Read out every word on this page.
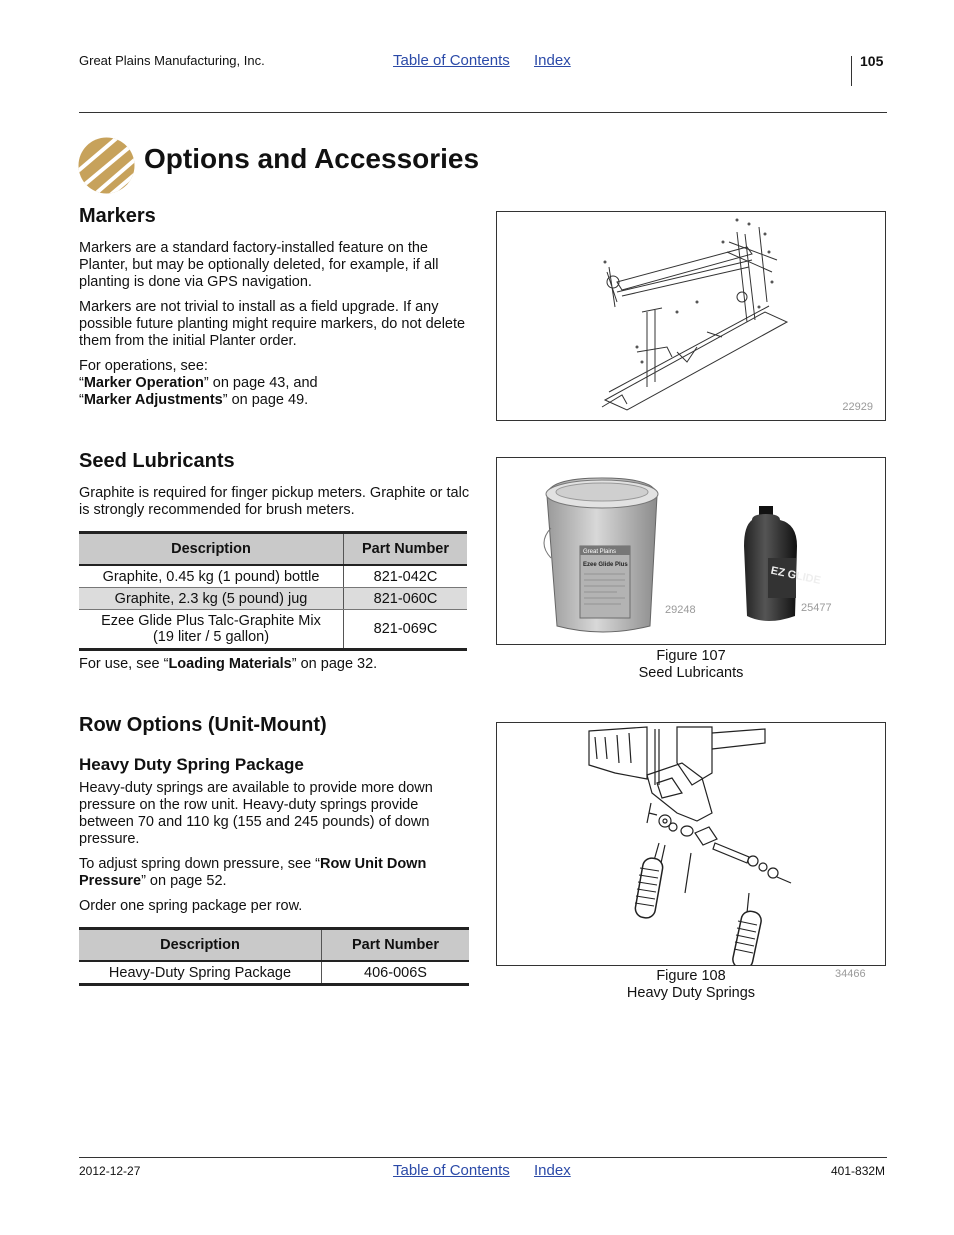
Great Plains Manufacturing, Inc.	Table of Contents Index	105
Options and Accessories
Markers

Markers are a standard factory-installed feature on the Planter, but may be optionally deleted, for example, if all planting is done via GPS navigation.

Markers are not trivial to install as a field upgrade. If any possible future planting might require markers, do not delete them from the initial Planter order.

For operations, see:
“Marker Operation” on page 43, and
“Marker Adjustments” on page 49.	22929
Seed Lubricants

Graphite is required for finger pickup meters. Graphite or talc is strongly recommended for brush meters.

Description	Part Number
Graphite, 0.45 kg (1 pound) bottle	821-042C
Graphite, 2.3 kg (5 pound) jug	821-060C
Ezee Glide Plus Talc-Graphite Mix
(19 liter / 5 gallon)	821-069C

For use, see “Loading Materials” on page 32.

Great Plains
Ezee Glide Plus	EZ GLIDE
29248	25477
Figure 107
Seed Lubricants
Row Options (Unit-Mount)
Heavy Duty Spring Package

Heavy-duty springs are available to provide more down pressure on the row unit. Heavy-duty springs provide between 70 and 110 kg (155 and 245 pounds) of down pressure.

To adjust spring down pressure, see “Row Unit Down Pressure” on page 52.

Order one spring package per row.

Description	Part Number
Heavy-Duty Spring Package	406-006S	Figure 108
Heavy Duty Springs
34466
2012-12-27	Table of Contents Index	401-832M
